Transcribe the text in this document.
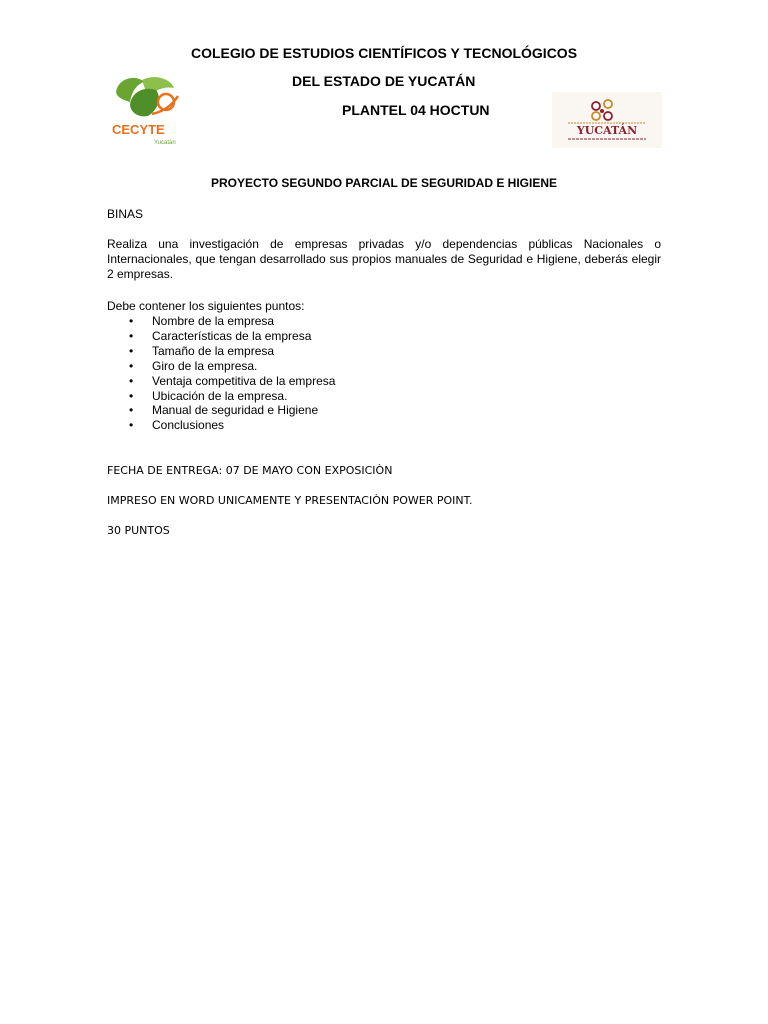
COLEGIO DE ESTUDIOS CIENTÍFICOS Y TECNOLÓGICOS
DEL ESTADO DE YUCATÁN
PLANTEL 04 HOCTUN
CECYTE
Yucatán
YUCATÁN
PROYECTO SEGUNDO PARCIAL DE SEGURIDAD E HIGIENE
BINAS
Realiza una investigación de empresas privadas y/o dependencias públicas Nacionales o Internacionales, que tengan desarrollado sus propios manuales de Seguridad e Higiene, deberás elegir 2 empresas.
Debe contener los siguientes puntos:
• Nombre de la empresa
• Características de la empresa
• Tamaño de la empresa
• Giro de la empresa.
• Ventaja competitiva de la empresa
• Ubicación de la empresa.
• Manual de seguridad e Higiene
• Conclusiones
FECHA DE ENTREGA: 07 DE MAYO CON EXPOSICIÒN
IMPRESO EN WORD UNICAMENTE Y PRESENTACIÒN POWER POINT.
30 PUNTOS
